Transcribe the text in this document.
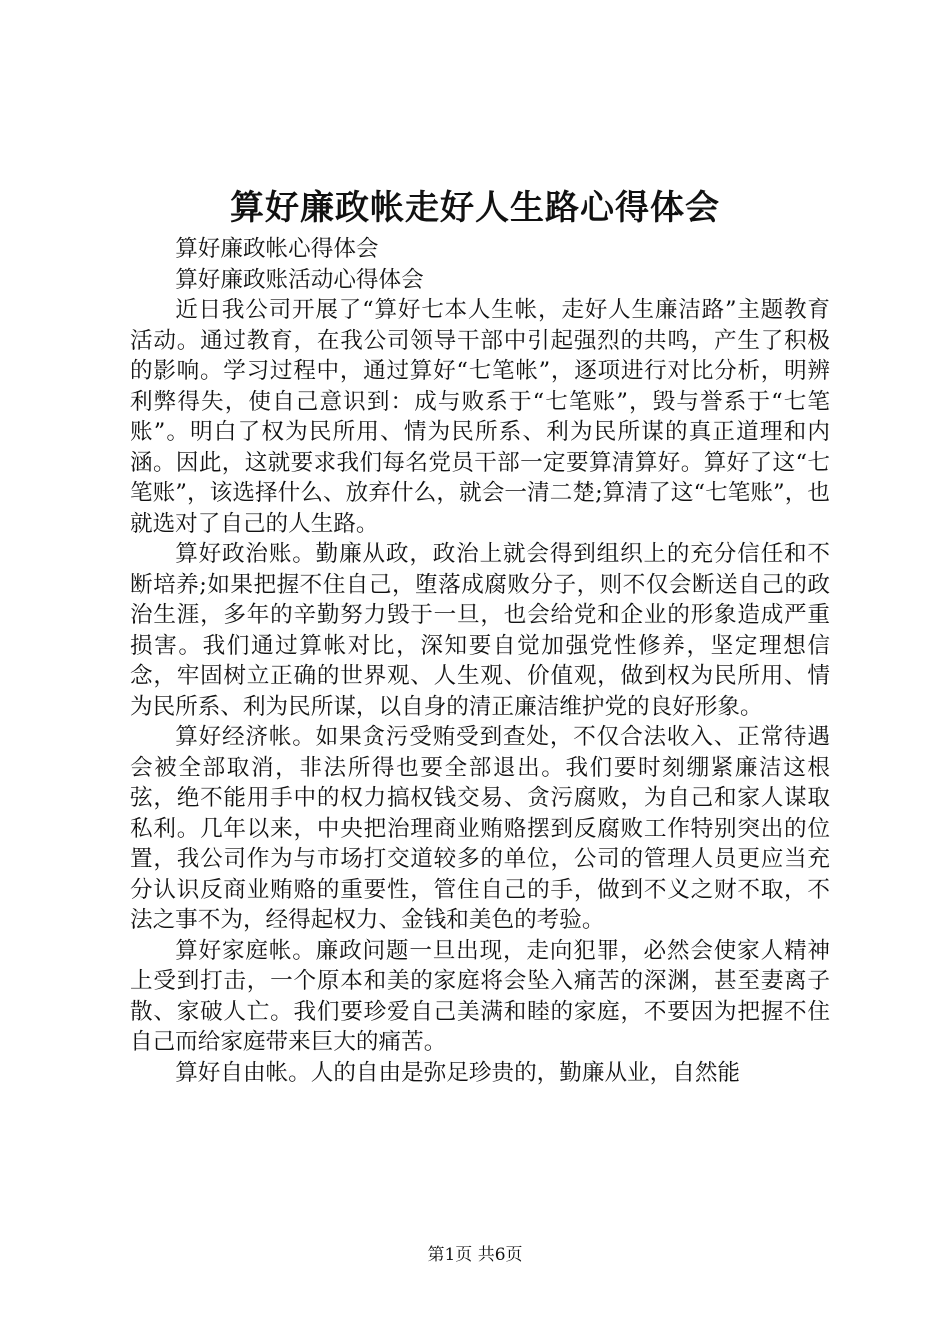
算好廉政帐走好人生路心得体会

算好廉政帐心得体会

算好廉政账活动心得体会

近日我公司开展了“算好七本人生帐，走好人生廉洁路”主题教育活动。通过教育，在我公司领导干部中引起强烈的共鸣，产生了积极的影响。学习过程中，通过算好“七笔帐”，逐项进行对比分析，明辨利弊得失，使自己意识到：成与败系于“七笔账”，毁与誉系于“七笔账”。明白了权为民所用、情为民所系、利为民所谋的真正道理和内涵。因此，这就要求我们每名党员干部一定要算清算好。算好了这“七笔账”，该选择什么、放弃什么，就会一清二楚;算清了这“七笔账”，也就选对了自己的人生路。

算好政治账。勤廉从政，政治上就会得到组织上的充分信任和不断培养;如果把握不住自己，堕落成腐败分子，则不仅会断送自己的政治生涯，多年的辛勤努力毁于一旦，也会给党和企业的形象造成严重损害。我们通过算帐对比，深知要自觉加强党性修养，坚定理想信念，牢固树立正确的世界观、人生观、价值观，做到权为民所用、情为民所系、利为民所谋，以自身的清正廉洁维护党的良好形象。

算好经济帐。如果贪污受贿受到查处，不仅合法收入、正常待遇会被全部取消，非法所得也要全部退出。我们要时刻绷紧廉洁这根弦，绝不能用手中的权力搞权钱交易、贪污腐败，为自己和家人谋取私利。几年以来，中央把治理商业贿赂摆到反腐败工作特别突出的位置，我公司作为与市场打交道较多的单位，公司的管理人员更应当充分认识反商业贿赂的重要性，管住自己的手，做到不义之财不取，不法之事不为，经得起权力、金钱和美色的考验。

算好家庭帐。廉政问题一旦出现，走向犯罪，必然会使家人精神上受到打击，一个原本和美的家庭将会坠入痛苦的深渊，甚至妻离子散、家破人亡。我们要珍爱自己美满和睦的家庭，不要因为把握不住自己而给家庭带来巨大的痛苦。

算好自由帐。人的自由是弥足珍贵的，勤廉从业，自然能

第1页 共6页
